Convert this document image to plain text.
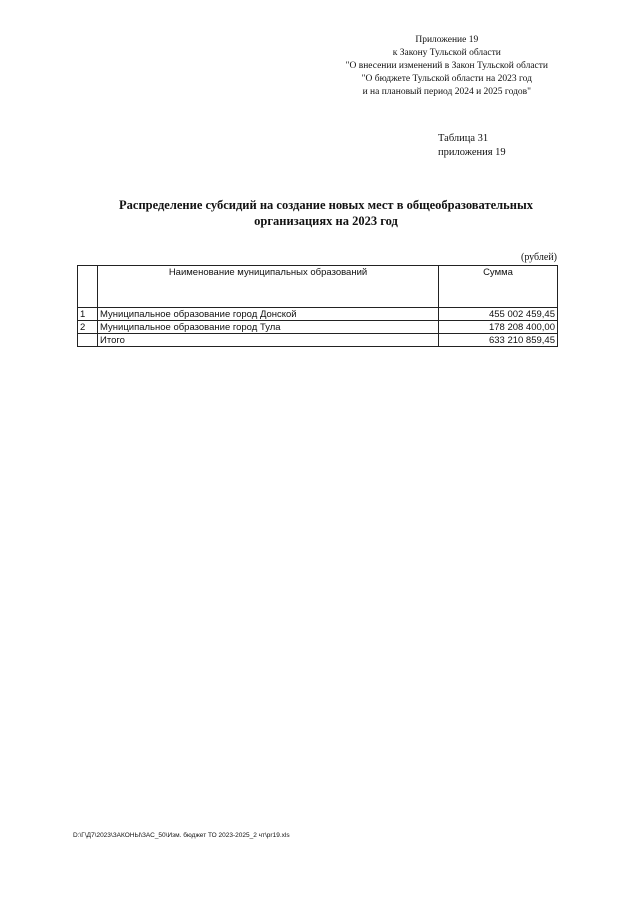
Приложение 19
к Закону Тульской области
"О внесении изменений в Закон Тульской области
"О бюджете Тульской области на 2023 год
и на плановый период 2024 и 2025 годов"
Таблица 31
приложения 19
Распределение субсидий на создание новых мест в общеобразовательных
организациях на 2023 год
(рублей)
	Наименование муниципальных образований	Сумма
1	Муниципальное образование город Донской	455 002 459,45
2	Муниципальное образование город Тула	178 208 400,00
	Итого	633 210 859,45
D:\Г\Д7\2023\ЗАКОНЫ\ЗАС_50\Изм. бюджет ТО 2023-2025_2 чт\pr19.xls
